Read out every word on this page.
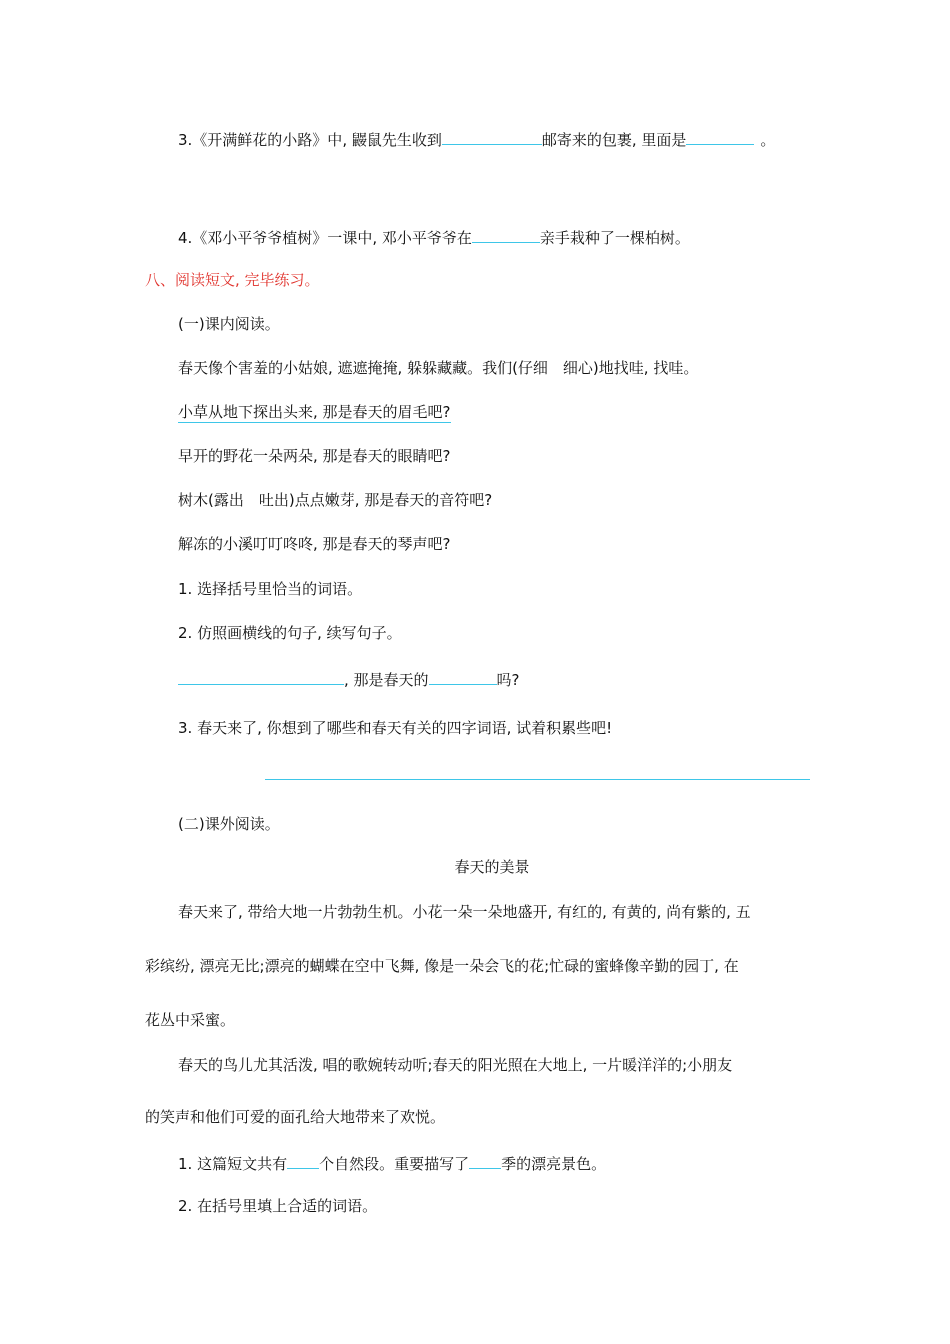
3.《开满鲜花的小路》中, 鼹鼠先生收到	邮寄来的包裹, 里面是	。
4.《邓小平爷爷植树》一课中, 邓小平爷爷在	亲手栽种了一棵柏树。
八、阅读短文, 完毕练习。
(一)课内阅读。
春天像个害羞的小姑娘, 遮遮掩掩, 躲躲藏藏。我们(仔细　细心)地找哇, 找哇。
小草从地下探出头来, 那是春天的眉毛吧?
早开的野花一朵两朵, 那是春天的眼睛吧?
树木(露出　吐出)点点嫩芽, 那是春天的音符吧?
解冻的小溪叮叮咚咚, 那是春天的琴声吧?
1. 选择括号里恰当的词语。
2. 仿照画横线的句子, 续写句子。
, 那是春天的	吗?
3. 春天来了, 你想到了哪些和春天有关的四字词语, 试着积累些吧!
(二)课外阅读。
春天的美景
春天来了, 带给大地一片勃勃生机。小花一朵一朵地盛开, 有红的, 有黄的, 尚有紫的, 五
彩缤纷, 漂亮无比;漂亮的蝴蝶在空中飞舞, 像是一朵会飞的花;忙碌的蜜蜂像辛勤的园丁, 在
花丛中采蜜。
春天的鸟儿尤其活泼, 唱的歌婉转动听;春天的阳光照在大地上, 一片暖洋洋的;小朋友
的笑声和他们可爱的面孔给大地带来了欢悦。
1. 这篇短文共有 个自然段。重要描写了 季的漂亮景色。
2. 在括号里填上合适的词语。
